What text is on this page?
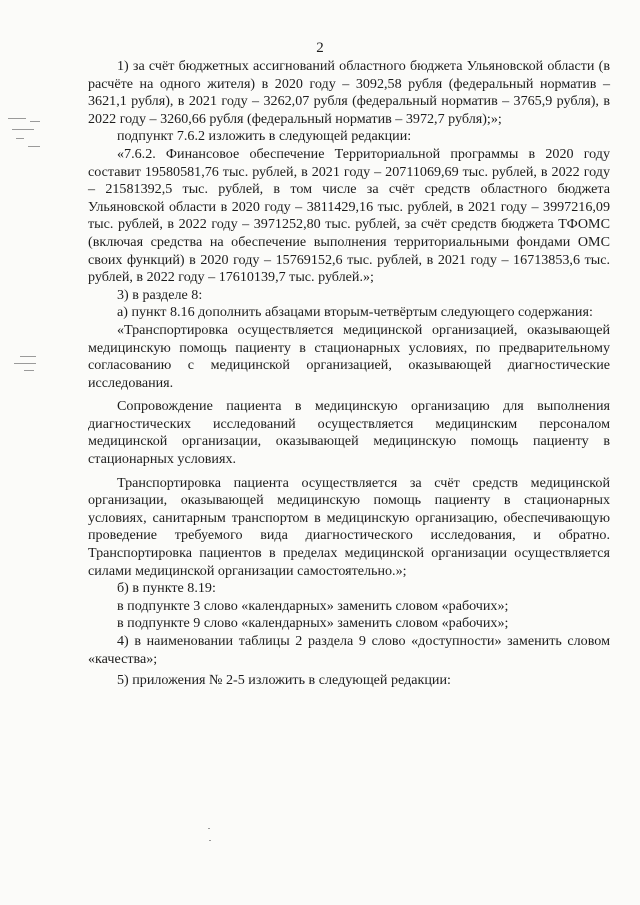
2

1) за счёт бюджетных ассигнований областного бюджета Ульяновской области (в расчёте на одного жителя) в 2020 году – 3092,58 рубля (федеральный норматив – 3621,1 рубля), в 2021 году – 3262,07 рубля (федеральный норматив – 3765,9 рубля), в 2022 году – 3260,66 рубля (федеральный норматив – 3972,7 рубля);»;

подпункт 7.6.2 изложить в следующей редакции:

«7.6.2. Финансовое обеспечение Территориальной программы в 2020 году составит 19580581,76 тыс. рублей, в 2021 году – 20711069,69 тыс. рублей, в 2022 году – 21581392,5 тыс. рублей, в том числе за счёт средств областного бюджета Ульяновской области в 2020 году – 3811429,16 тыс. рублей, в 2021 году – 3997216,09 тыс. рублей, в 2022 году – 3971252,80 тыс. рублей, за счёт средств бюджета ТФОМС (включая средства на обеспечение выполнения территориальными фондами ОМС своих функций) в 2020 году – 15769152,6 тыс. рублей, в 2021 году – 16713853,6 тыс. рублей, в 2022 году – 17610139,7 тыс. рублей.»;

3) в разделе 8:

а) пункт 8.16 дополнить абзацами вторым-четвёртым следующего содержания:

«Транспортировка осуществляется медицинской организацией, оказывающей медицинскую помощь пациенту в стационарных условиях, по предварительному согласованию с медицинской организацией, оказывающей диагностические исследования.

Сопровождение пациента в медицинскую организацию для выполнения диагностических исследований осуществляется медицинским персоналом медицинской организации, оказывающей медицинскую помощь пациенту в стационарных условиях.

Транспортировка пациента осуществляется за счёт средств медицинской организации, оказывающей медицинскую помощь пациенту в стационарных условиях, санитарным транспортом в медицинскую организацию, обеспечивающую проведение требуемого вида диагностического исследования, и обратно. Транспортировка пациентов в пределах медицинской организации осуществляется силами медицинской организации самостоятельно.»;

б) в пункте 8.19:

в подпункте 3 слово «календарных» заменить словом «рабочих»;

в подпункте 9 слово «календарных» заменить словом «рабочих»;

4) в наименовании таблицы 2 раздела 9 слово «доступности» заменить словом «качества»;

5) приложения № 2-5 изложить в следующей редакции:
